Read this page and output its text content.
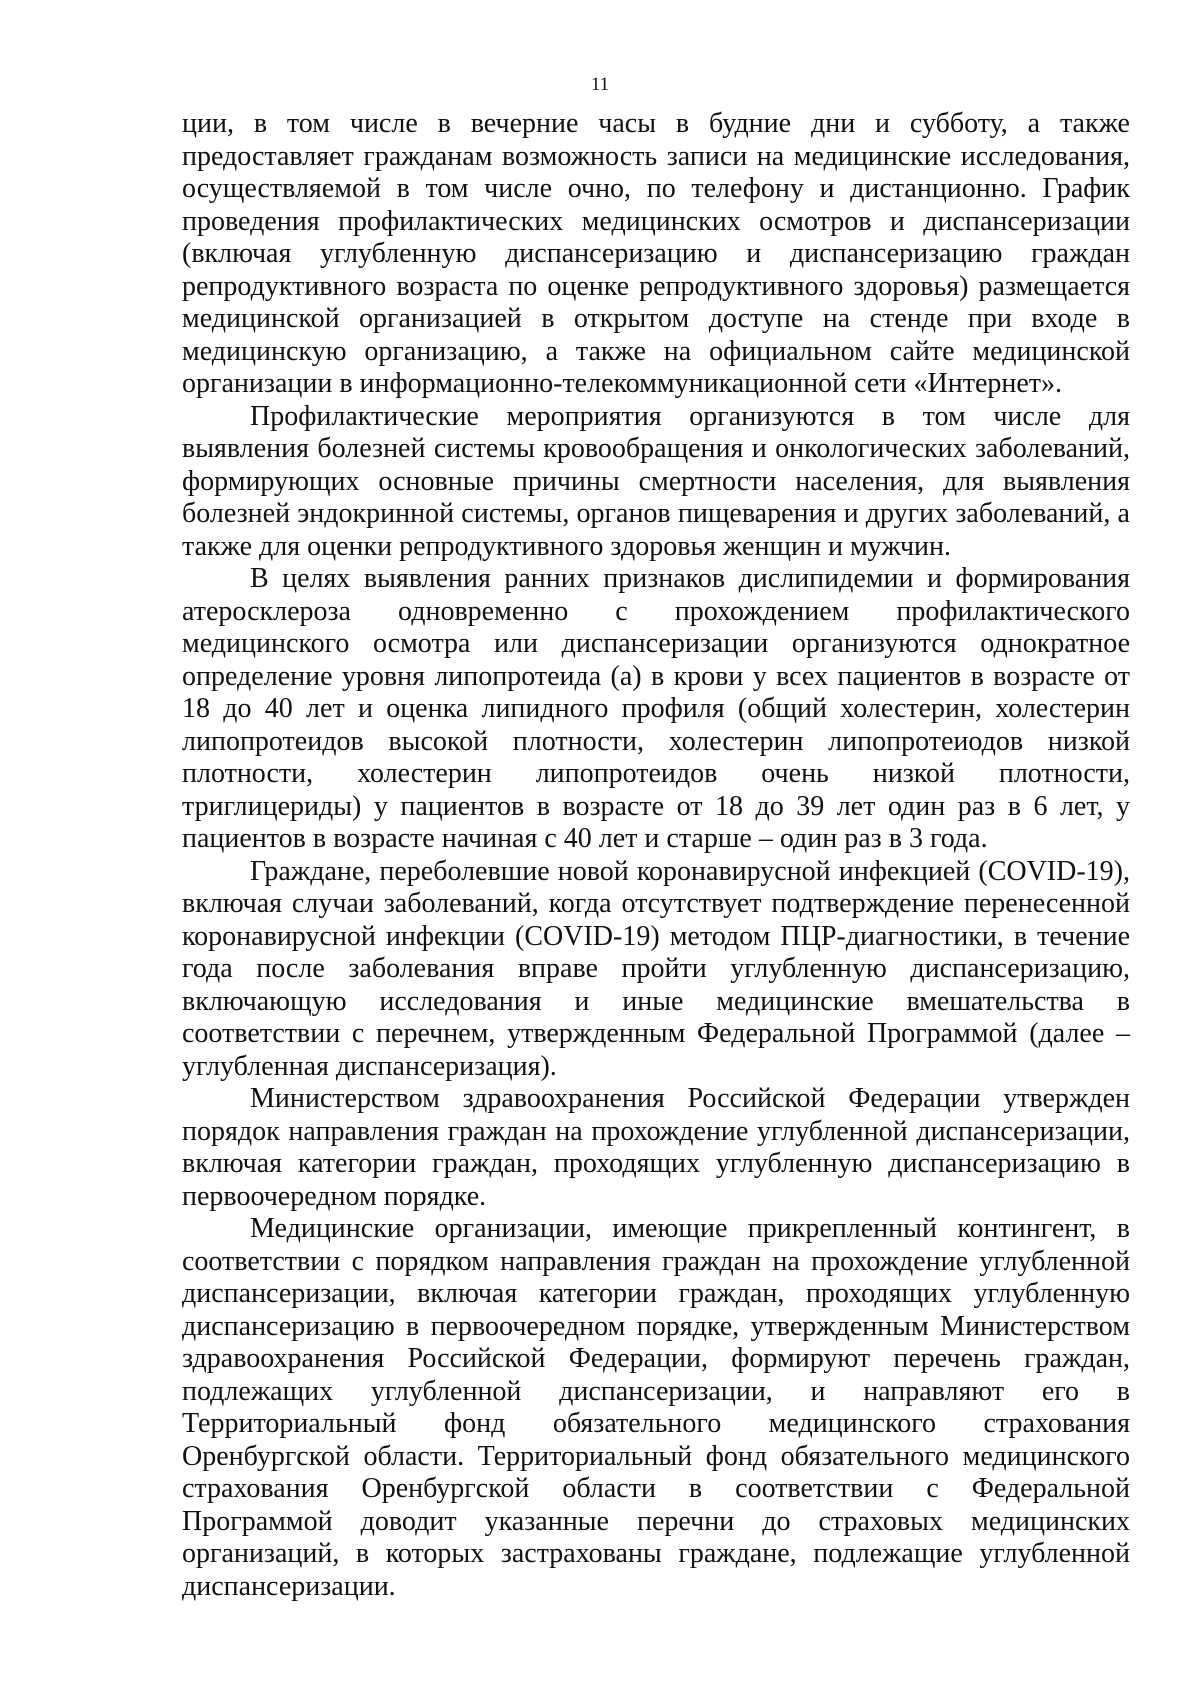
11

ции, в том числе в вечерние часы в будние дни и субботу, а также предоставляет гражданам возможность записи на медицинские исследования, осуществляемой в том числе очно, по телефону и дистанционно. График проведения профилактических медицинских осмотров и диспансеризации (включая углубленную диспансеризацию и диспансеризацию граждан репродуктивного возраста по оценке репродуктивного здоровья) размещается медицинской организацией в открытом доступе на стенде при входе в медицинскую организацию, а также на официальном сайте медицинской организации в информационно-телекоммуникационной сети «Интернет».

Профилактические мероприятия организуются в том числе для выявления болезней системы кровообращения и онкологических заболеваний, формирующих основные причины смертности населения, для выявления болезней эндокринной системы, органов пищеварения и других заболеваний, а также для оценки репродуктивного здоровья женщин и мужчин.

В целях выявления ранних признаков дислипидемии и формирования атеросклероза одновременно с прохождением профилактического медицинского осмотра или диспансеризации организуются однократное определение уровня липопротеида (а) в крови у всех пациентов в возрасте от 18 до 40 лет и оценка липидного профиля (общий холестерин, холестерин липопротеидов высокой плотности, холестерин липопротеиодов низкой плотности, холестерин липопротеидов очень низкой плотности, триглицериды) у пациентов в возрасте от 18 до 39 лет один раз в 6 лет, у пациентов в возрасте начиная с 40 лет и старше – один раз в 3 года.

Граждане, переболевшие новой коронавирусной инфекцией (COVID-19), включая случаи заболеваний, когда отсутствует подтверждение перенесенной коронавирусной инфекции (COVID-19) методом ПЦР-диагностики, в течение года после заболевания вправе пройти углубленную диспансеризацию, включающую исследования и иные медицинские вмешательства в соответствии с перечнем, утвержденным Федеральной Программой (далее – углубленная диспансеризация).

Министерством здравоохранения Российской Федерации утвержден порядок направления граждан на прохождение углубленной диспансеризации, включая категории граждан, проходящих углубленную диспансеризацию в первоочередном порядке.

Медицинские организации, имеющие прикрепленный контингент, в соответствии с порядком направления граждан на прохождение углубленной диспансеризации, включая категории граждан, проходящих углубленную диспансеризацию в первоочередном порядке, утвержденным Министерством здравоохранения Российской Федерации, формируют перечень граждан, подлежащих углубленной диспансеризации, и направляют его в Территориальный фонд обязательного медицинского страхования Оренбургской области. Территориальный фонд обязательного медицинского страхования Оренбургской области в соответствии с Федеральной Программой доводит указанные перечни до страховых медицинских организаций, в которых застрахованы граждане, подлежащие углубленной диспансеризации.
